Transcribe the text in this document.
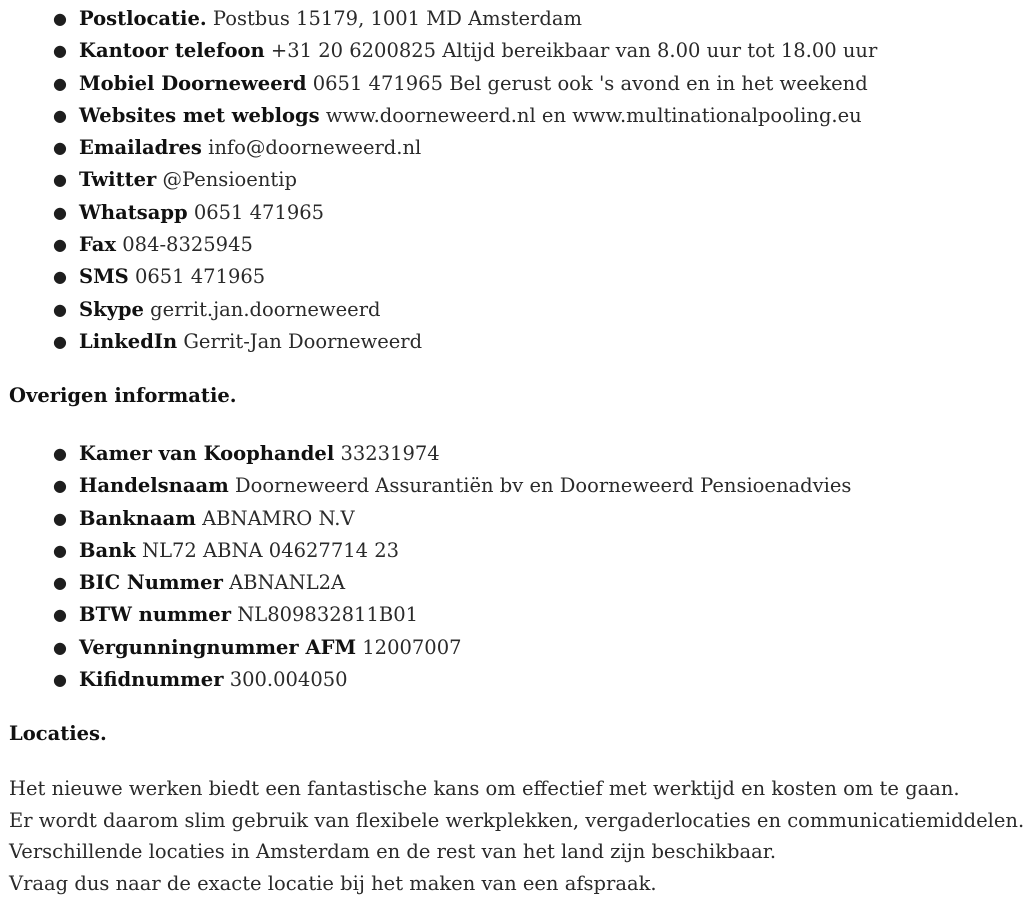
● Postlocatie. Postbus 15179, 1001 MD Amsterdam
● Kantoor telefoon +31 20 6200825 Altijd bereikbaar van 8.00 uur tot 18.00 uur
● Mobiel Doorneweerd 0651 471965 Bel gerust ook 's avond en in het weekend
● Websites met weblogs www.doorneweerd.nl en www.multinationalpooling.eu
● Emailadres info@doorneweerd.nl
● Twitter @Pensioentip
● Whatsapp 0651 471965
● Fax 084-8325945
● SMS 0651 471965
● Skype gerrit.jan.doorneweerd
● LinkedIn Gerrit-Jan Doorneweerd
Overigen informatie.
● Kamer van Koophandel 33231974
● Handelsnaam Doorneweerd Assurantiën bv en Doorneweerd Pensioenadvies
● Banknaam ABNAMRO N.V
● Bank NL72 ABNA 04627714 23
● BIC Nummer ABNANL2A
● BTW nummer NL809832811B01
● Vergunningnummer AFM 12007007
● Kifidnummer 300.004050
Locaties.

Het nieuwe werken biedt een fantastische kans om effectief met werktijd en kosten om te gaan.
Er wordt daarom slim gebruik van flexibele werkplekken, vergaderlocaties en communicatiemiddelen.
Verschillende locaties in Amsterdam en de rest van het land zijn beschikbaar.
Vraag dus naar de exacte locatie bij het maken van een afspraak.
